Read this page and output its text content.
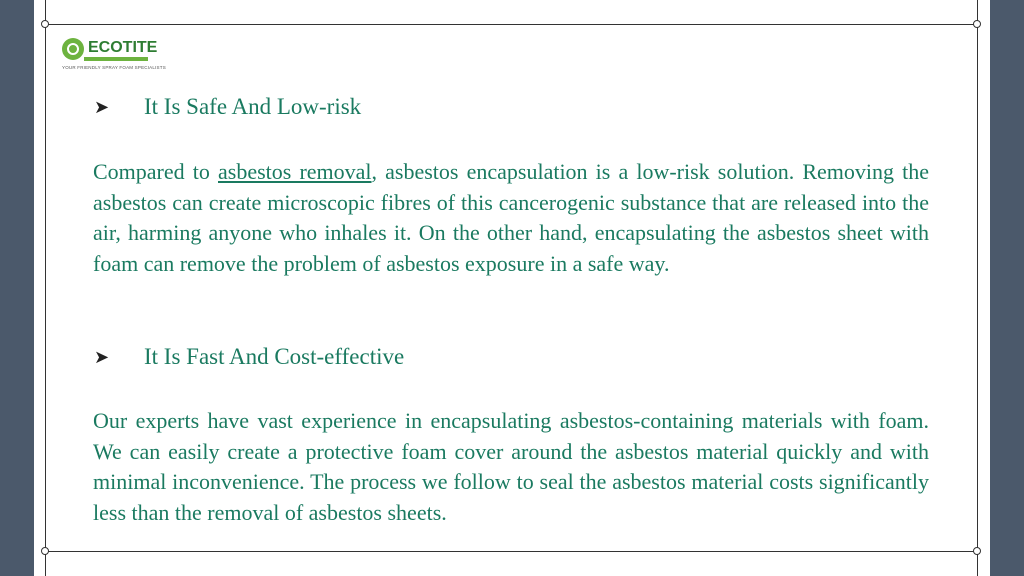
ECOTITE
YOUR FRIENDLY SPRAY FOAM SPECIALISTS
➤	It Is Safe And Low-risk

Compared to asbestos removal, asbestos encapsulation is a low-risk solution. Removing the asbestos can create microscopic fibres of this cancerogenic substance that are released into the air, harming anyone who inhales it. On the other hand, encapsulating the asbestos sheet with foam can remove the problem of asbestos exposure in a safe way.

➤	It Is Fast And Cost-effective

Our experts have vast experience in encapsulating asbestos-containing materials with foam. We can easily create a protective foam cover around the asbestos material quickly and with minimal inconvenience. The process we follow to seal the asbestos material costs significantly less than the removal of asbestos sheets.
